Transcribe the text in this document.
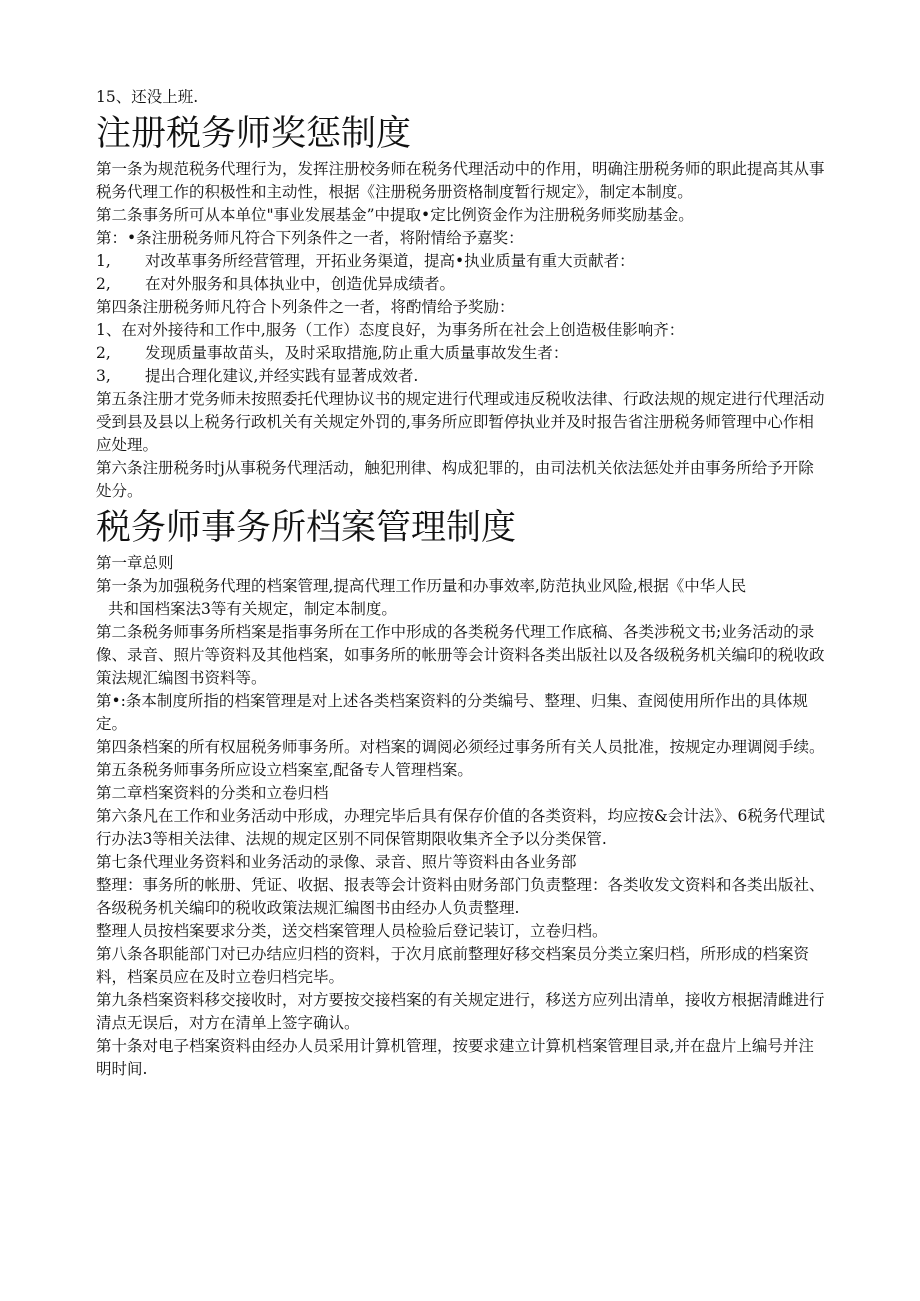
15、还没上班.

注册税务师奖惩制度

第一条为规范税务代理行为，发挥注册校务师在税务代理活动中的作用，明确注册税务师的职此提高其从事税务代理工作的积极性和主动性，根据《注册税务册资格制度暂行规定》，制定本制度。

第二条事务所可从本单位"事业发展基金”中提取•定比例资金作为注册税务师奖励基金。

第：•条注册税务师凡符合下列条件之一者，将附情给予嘉奖：

1, 对改革事务所经营管理，开拓业务渠道，提高•执业质量有重大贡献者：

2, 在对外服务和具体执业中，创造优异成绩者。

第四条注册税务师凡符合卜列条件之一者，将酌情给予奖励：

1、在对外接待和工作中,服务（工作）态度良好，为事务所在社会上创造极佳影响齐：

2, 发现质量事故苗头，及时采取措施,防止重大质量事故发生者：

3, 提出合理化建议,并经实践有显著成效者.

第五条注册才党务师未按照委托代理协议书的规定进行代理或违反税收法律、行政法规的规定进行代理活动受到县及县以上税务行政机关有关规定外罚的,事务所应即暂停执业并及时报告省注册税务师管理中心作相应处理。

第六条注册税务时j从事税务代理活动，触犯刑律、构成犯罪的，由司法机关依法惩处并由事务所给予开除处分。

税务师事务所档案管理制度

第一章总则

第一条为加强税务代理的档案管理,提高代理工作历量和办事效率,防范执业风险,根据《中华人民

共和国档案法3等有关规定，制定本制度。

第二条税务师事务所档案是指事务所在工作中形成的各类税务代理工作底稿、各类涉税文书;业务活动的录像、录音、照片等资料及其他档案，如事务所的帐册等会计资料各类出版社以及各级税务机关编印的税收政策法规汇编图书资料等。

第•:条本制度所指的档案管理是对上述各类档案资料的分类编号、整理、归集、查阅使用所作出的具体规定。

第四条档案的所有权屈税务师事务所。对档案的调阅必须经过事务所有关人员批准，按规定办理调阅手续。

第五条税务师事务所应设立档案室,配备专人管理档案。

第二章档案资料的分类和立卷归档

第六条凡在工作和业务活动中形成，办理完毕后具有保存价值的各类资料，均应按&会计法》、6税务代理试行办法3等相关法律、法规的规定区别不同保管期限收集齐全予以分类保管.

第七条代理业务资料和业务活动的录像、录音、照片等资料由各业务部

整理：事务所的帐册、凭证、收据、报表等会计资料由财务部门负责整理：各类收发文资料和各类出版社、各级税务机关编印的税收政策法规汇编图书由经办人负责整理.

整理人员按档案要求分类，送交档案管理人员检验后登记装订，立卷归档。

第八条各职能部门对已办结应归档的资料，于次月底前整理好移交档案员分类立案归档，所形成的档案资料，档案员应在及时立卷归档完毕。

第九条档案资料移交接收时，对方要按交接档案的有关规定进行，移送方应列出清单，接收方根据清雌进行清点无误后，对方在清单上签字确认。

第十条对电子档案资料由经办人员采用计算机管理，按要求建立计算机档案管理目录,并在盘片上编号并注明时间.
